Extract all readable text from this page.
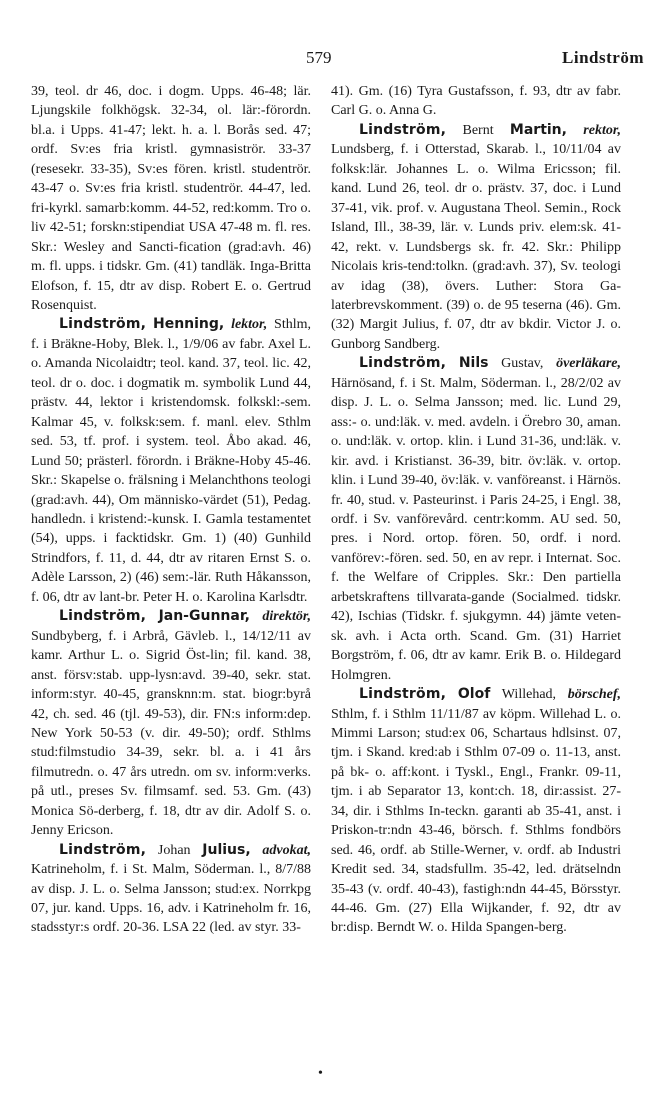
579	Lindström

39, teol. dr 46, doc. i dogm. Upps. 46-48; lär. Ljungskile folkhögsk. 32-34, ol. lär:-förordn. bl.a. i Upps. 41-47; lekt. h. a. l. Borås sed. 47; ordf. Sv:es fria kristl. gymnasiströr. 33-37 (resesekr. 33-35), Sv:es fören. kristl. studentrör. 43-47 o. Sv:es fria kristl. studentrör. 44-47, led. fri-kyrkl. samarb:komm. 44-52, red:komm. Tro o. liv 42-51; forskn:stipendiat USA 47-48 m. fl. res. Skr.: Wesley and Sancti-fication (grad:avh. 46) m. fl. upps. i tidskr. Gm. (41) tandläk. Inga-Britta Elofson, f. 15, dtr av disp. Robert E. o. Gertrud Rosenquist.

Lindström, Henning, lektor, Sthlm, f. i Bräkne-Hoby, Blek. l., 1/9/06 av fabr. Axel L. o. Amanda Nicolaidtr; teol. kand. 37, teol. lic. 42, teol. dr o. doc. i dogmatik m. symbolik Lund 44, prästv. 44, lektor i kristendomsk. folkskl:-sem. Kalmar 45, v. folksk:sem. f. manl. elev. Sthlm sed. 53, tf. prof. i system. teol. Åbo akad. 46, Lund 50; prästerl. förordn. i Bräkne-Hoby 45-46. Skr.: Skapelse o. frälsning i Melanchthons teologi (grad:avh. 44), Om människo-värdet (51), Pedag. handledn. i kristend:-kunsk. I. Gamla testamentet (54), upps. i facktidskr. Gm. 1) (40) Gunhild Strindfors, f. 11, d. 44, dtr av ritaren Ernst S. o. Adèle Larsson, 2) (46) sem:-lär. Ruth Håkansson, f. 06, dtr av lant-br. Peter H. o. Karolina Karlsdtr.

Lindström, Jan-Gunnar, direktör, Sundbyberg, f. i Arbrå, Gävleb. l., 14/12/11 av kamr. Arthur L. o. Sigrid Öst-lin; fil. kand. 38, anst. försv:stab. upp-lysn:avd. 39-40, sekr. stat. inform:styr. 40-45, gransknn:m. stat. biogr:byrå 42, ch. sed. 46 (tjl. 49-53), dir. FN:s inform:dep. New York 50-53 (v. dir. 49-50); ordf. Sthlms stud:filmstudio 34-39, sekr. bl. a. i 41 års filmutredn. o. 47 års utredn. om sv. inform:verks. på utl., preses Sv. filmsamf. sed. 53. Gm. (43) Monica Sö-derberg, f. 18, dtr av dir. Adolf S. o. Jenny Ericson.

Lindström, Johan Julius, advokat, Katrineholm, f. i St. Malm, Söderman. l., 8/7/88 av disp. J. L. o. Selma Jansson; stud:ex. Norrkpg 07, jur. kand. Upps. 16, adv. i Katrineholm fr. 16, stadsstyr:s ordf. 20-36. LSA 22 (led. av styr. 33-

41). Gm. (16) Tyra Gustafsson, f. 93, dtr av fabr. Carl G. o. Anna G.

Lindström, Bernt Martin, rektor, Lundsberg, f. i Otterstad, Skarab. l., 10/11/04 av folksk:lär. Johannes L. o. Wilma Ericsson; fil. kand. Lund 26, teol. dr o. prästv. 37, doc. i Lund 37-41, vik. prof. v. Augustana Theol. Semin., Rock Island, Ill., 38-39, lär. v. Lunds priv. elem:sk. 41-42, rekt. v. Lundsbergs sk. fr. 42. Skr.: Philipp Nicolais kris-tend:tolkn. (grad:avh. 37), Sv. teologi av idag (38), övers. Luther: Stora Ga-laterbrevskomment. (39) o. de 95 teserna (46). Gm. (32) Margit Julius, f. 07, dtr av bkdir. Victor J. o. Gunborg Sandberg.

Lindström, Nils Gustav, överläkare, Härnösand, f. i St. Malm, Söderman. l., 28/2/02 av disp. J. L. o. Selma Jansson; med. lic. Lund 29, ass:- o. und:läk. v. med. avdeln. i Örebro 30, aman. o. und:läk. v. ortop. klin. i Lund 31-36, und:läk. v. kir. avd. i Kristianst. 36-39, bitr. öv:läk. v. ortop. klin. i Lund 39-40, öv:läk. v. vanföreanst. i Härnös. fr. 40, stud. v. Pasteurinst. i Paris 24-25, i Engl. 38, ordf. i Sv. vanförevård. centr:komm. AU sed. 50, pres. i Nord. ortop. fören. 50, ordf. i nord. vanförev:-fören. sed. 50, en av repr. i Internat. Soc. f. the Welfare of Cripples. Skr.: Den partiella arbetskraftens tillvarata-gande (Socialmed. tidskr. 42), Ischias (Tidskr. f. sjukgymn. 44) jämte veten-sk. avh. i Acta orth. Scand. Gm. (31) Harriet Borgström, f. 06, dtr av kamr. Erik B. o. Hildegard Holmgren.

Lindström, Olof Willehad, börschef, Sthlm, f. i Sthlm 11/11/87 av köpm. Willehad L. o. Mimmi Larson; stud:ex 06, Schartaus hdlsinst. 07, tjm. i Skand. kred:ab i Sthlm 07-09 o. 11-13, anst. på bk- o. aff:kont. i Tyskl., Engl., Frankr. 09-11, tjm. i ab Separator 13, kont:ch. 18, dir:assist. 27-34, dir. i Sthlms In-teckn. garanti ab 35-41, anst. i Priskon-tr:ndn 43-46, börsch. f. Sthlms fondbörs sed. 46, ordf. ab Stille-Werner, v. ordf. ab Industri Kredit sed. 34, stadsfullm. 35-42, led. drätselndn 35-43 (v. ordf. 40-43), fastigh:ndn 44-45, Börsstyr. 44-46. Gm. (27) Ella Wijkander, f. 92, dtr av br:disp. Berndt W. o. Hilda Spangen-berg.

•
